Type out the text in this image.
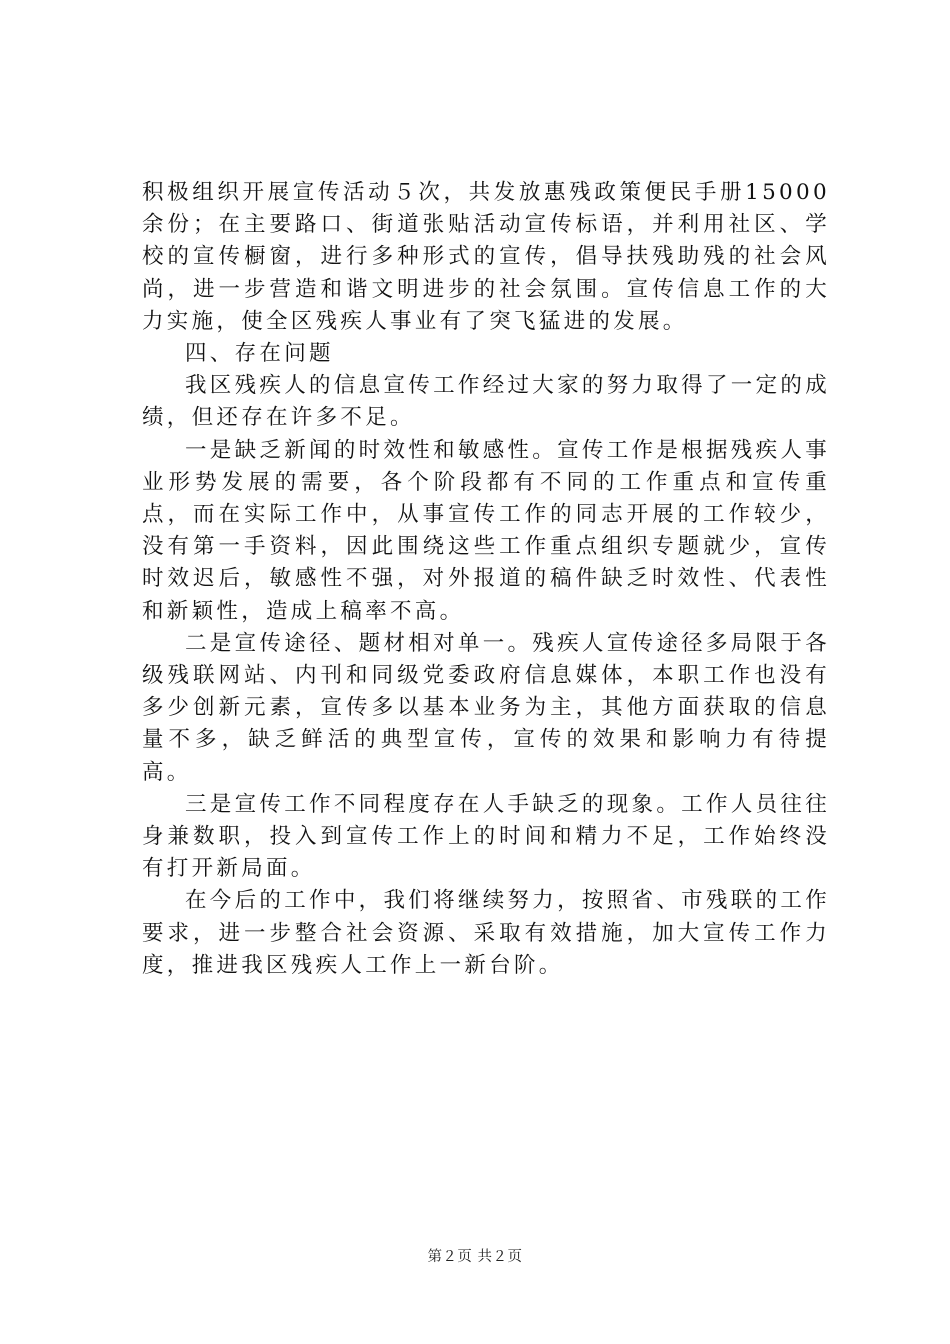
积极组织开展宣传活动５次，共发放惠残政策便民手册15000余份；在主要路口、街道张贴活动宣传标语，并利用社区、学校的宣传橱窗，进行多种形式的宣传，倡导扶残助残的社会风尚，进一步营造和谐文明进步的社会氛围。宣传信息工作的大力实施，使全区残疾人事业有了突飞猛进的发展。

四、存在问题

我区残疾人的信息宣传工作经过大家的努力取得了一定的成绩，但还存在许多不足。

一是缺乏新闻的时效性和敏感性。宣传工作是根据残疾人事业形势发展的需要，各个阶段都有不同的工作重点和宣传重点，而在实际工作中，从事宣传工作的同志开展的工作较少，没有第一手资料，因此围绕这些工作重点组织专题就少，宣传时效迟后，敏感性不强，对外报道的稿件缺乏时效性、代表性和新颖性，造成上稿率不高。

二是宣传途径、题材相对单一。残疾人宣传途径多局限于各级残联网站、内刊和同级党委政府信息媒体，本职工作也没有多少创新元素，宣传多以基本业务为主，其他方面获取的信息量不多，缺乏鲜活的典型宣传，宣传的效果和影响力有待提高。

三是宣传工作不同程度存在人手缺乏的现象。工作人员往往身兼数职，投入到宣传工作上的时间和精力不足，工作始终没有打开新局面。

在今后的工作中，我们将继续努力，按照省、市残联的工作要求，进一步整合社会资源、采取有效措施，加大宣传工作力度，推进我区残疾人工作上一新台阶。

第２页 共２页
